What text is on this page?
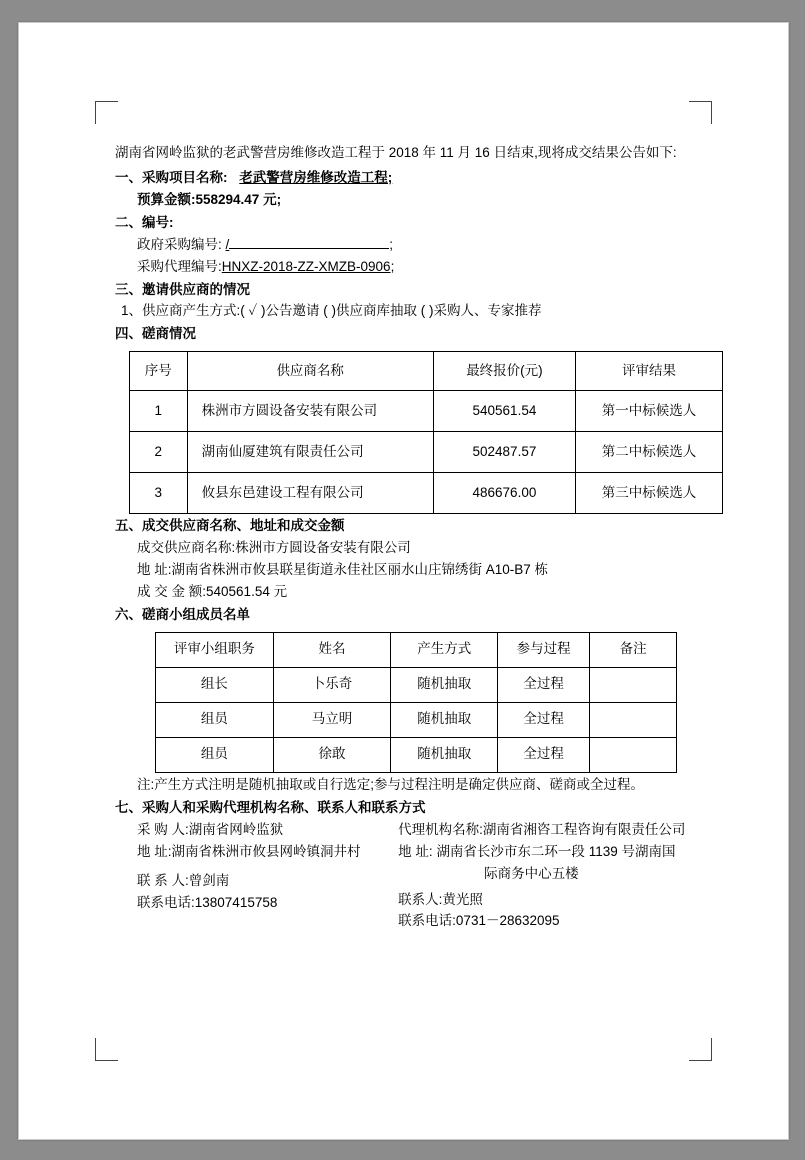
湖南省网岭监狱的老武警营房维修改造工程于 2018 年 11 月 16 日结束,现将成交结果公告如下:

一、采购项目名称: 老武警营房维修改造工程;
预算金额:558294.47 元;
二、编号:
政府采购编号: /	;
采购代理编号:HNXZ-2018-ZZ-XMZB-0906;
三、邀请供应商的情况
1、供应商产生方式:( ✓ )公告邀请 ( )供应商库抽取 ( )采购人、专家推荐
四、磋商情况
序号	供应商名称	最终报价(元)	评审结果
1	株洲市方圆设备安装有限公司	540561.54	第一中标候选人
2	湖南仙厦建筑有限责任公司	502487.57	第二中标候选人
3	攸县东邑建设工程有限公司	486676.00	第三中标候选人
五、成交供应商名称、地址和成交金额
成交供应商名称:株洲市方圆设备安装有限公司
地 址:湖南省株洲市攸县联星街道永佳社区丽水山庄锦绣街 A10-B7 栋
成 交 金 额:540561.54 元
六、磋商小组成员名单
评审小组职务	姓名	产生方式	参与过程	备注
组长	卜乐奇	随机抽取	全过程	
组员	马立明	随机抽取	全过程	
组员	徐敢	随机抽取	全过程	
注:产生方式注明是随机抽取或自行选定;参与过程注明是确定供应商、磋商或全过程。
七、采购人和采购代理机构名称、联系人和联系方式
采 购 人:湖南省网岭监狱
地 址:湖南省株洲市攸县网岭镇洞井村
联 系 人:曾剑南
联系电话:13807415758
代理机构名称:湖南省湘咨工程咨询有限责任公司
地 址: 湖南省长沙市东二环一段 1139 号湖南国
际商务中心五楼
联系人:黄光照
联系电话:0731－28632095
